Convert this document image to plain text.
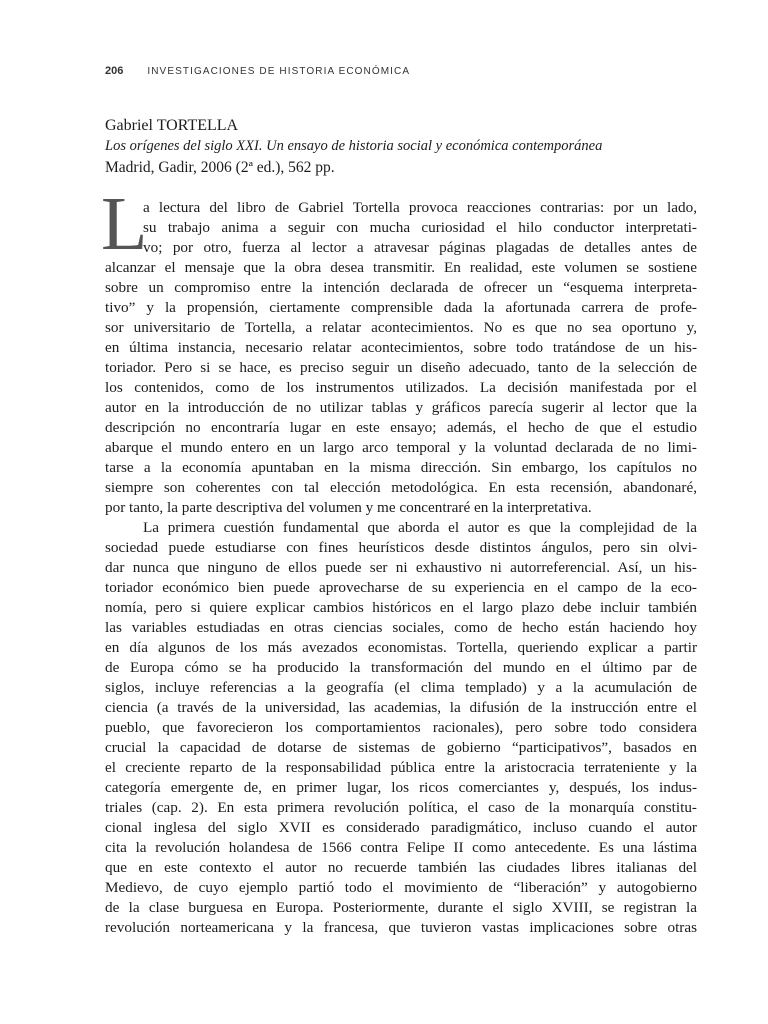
206 INVESTIGACIONES DE HISTORIA ECONÓMICA
Gabriel TORTELLA
Los orígenes del siglo XXI. Un ensayo de historia social y económica contemporánea
Madrid, Gadir, 2006 (2ª ed.), 562 pp.
L
a lectura del libro de Gabriel Tortella provoca reacciones contrarias: por un lado,
su trabajo anima a seguir con mucha curiosidad el hilo conductor interpretati-
vo; por otro, fuerza al lector a atravesar páginas plagadas de detalles antes de
alcanzar el mensaje que la obra desea transmitir. En realidad, este volumen se sostiene
sobre un compromiso entre la intención declarada de ofrecer un “esquema interpreta-
tivo” y la propensión, ciertamente comprensible dada la afortunada carrera de profe-
sor universitario de Tortella, a relatar acontecimientos. No es que no sea oportuno y,
en última instancia, necesario relatar acontecimientos, sobre todo tratándose de un his-
toriador. Pero si se hace, es preciso seguir un diseño adecuado, tanto de la selección de
los contenidos, como de los instrumentos utilizados. La decisión manifestada por el
autor en la introducción de no utilizar tablas y gráficos parecía sugerir al lector que la
descripción no encontraría lugar en este ensayo; además, el hecho de que el estudio
abarque el mundo entero en un largo arco temporal y la voluntad declarada de no limi-
tarse a la economía apuntaban en la misma dirección. Sin embargo, los capítulos no
siempre son coherentes con tal elección metodológica. En esta recensión, abandonaré,
por tanto, la parte descriptiva del volumen y me concentraré en la interpretativa.
La primera cuestión fundamental que aborda el autor es que la complejidad de la
sociedad puede estudiarse con fines heurísticos desde distintos ángulos, pero sin olvi-
dar nunca que ninguno de ellos puede ser ni exhaustivo ni autorreferencial. Así, un his-
toriador económico bien puede aprovecharse de su experiencia en el campo de la eco-
nomía, pero si quiere explicar cambios históricos en el largo plazo debe incluir también
las variables estudiadas en otras ciencias sociales, como de hecho están haciendo hoy
en día algunos de los más avezados economistas. Tortella, queriendo explicar a partir
de Europa cómo se ha producido la transformación del mundo en el último par de
siglos, incluye referencias a la geografía (el clima templado) y a la acumulación de
ciencia (a través de la universidad, las academias, la difusión de la instrucción entre el
pueblo, que favorecieron los comportamientos racionales), pero sobre todo considera
crucial la capacidad de dotarse de sistemas de gobierno “participativos”, basados en
el creciente reparto de la responsabilidad pública entre la aristocracia terrateniente y la
categoría emergente de, en primer lugar, los ricos comerciantes y, después, los indus-
triales (cap. 2). En esta primera revolución política, el caso de la monarquía constitu-
cional inglesa del siglo XVII es considerado paradigmático, incluso cuando el autor
cita la revolución holandesa de 1566 contra Felipe II como antecedente. Es una lástima
que en este contexto el autor no recuerde también las ciudades libres italianas del
Medievo, de cuyo ejemplo partió todo el movimiento de “liberación” y autogobierno
de la clase burguesa en Europa. Posteriormente, durante el siglo XVIII, se registran la
revolución norteamericana y la francesa, que tuvieron vastas implicaciones sobre otras
